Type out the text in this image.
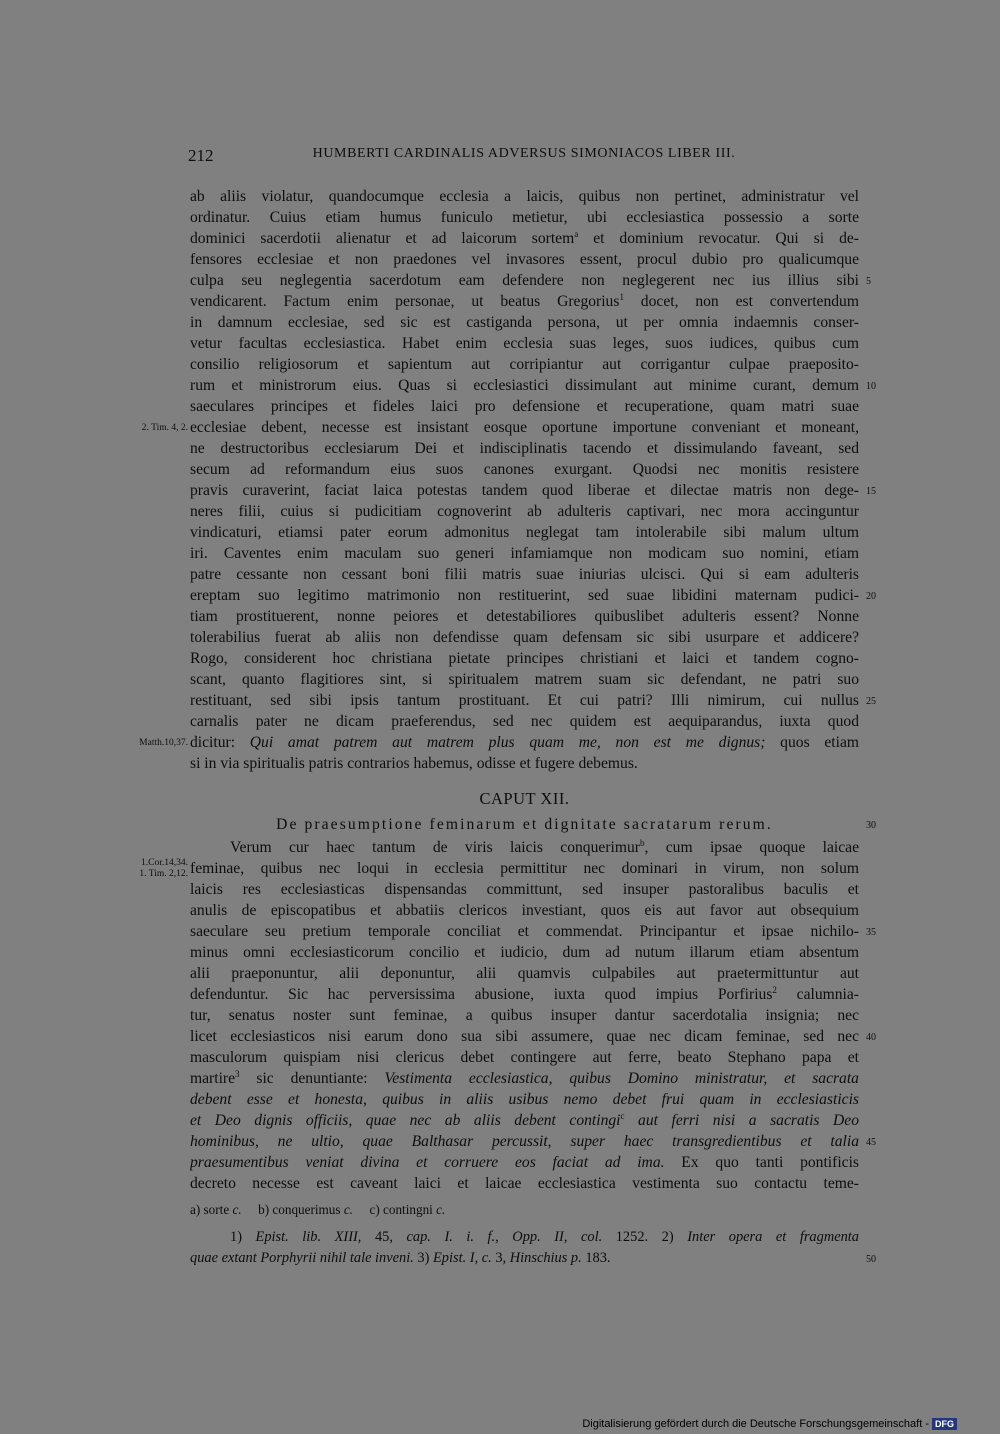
212	HUMBERTI CARDINALIS ADVERSUS SIMONIACOS LIBER III.
ab aliis violatur, quandocumque ecclesia a laicis, quibus non pertinet, administratur vel
ordinatur. Cuius etiam humus funiculo metietur, ubi ecclesiastica possessio a sorte
dominici sacerdotii alienatur et ad laicorum sortem$^a$ et dominium revocatur. Qui si de-
fensores ecclesiae et non praedones vel invasores essent, procul dubio pro qualicumque
culpa seu neglegentia sacerdotum eam defendere non neglegerent nec ius illius sibi
vendicarent. Factum enim personae, ut beatus Gregorius$^1$ docet, non est convertendum
in damnum ecclesiae, sed sic est castiganda persona, ut per omnia indaemnis conser-
vetur facultas ecclesiastica. Habet enim ecclesia suas leges, suos iudices, quibus cum
consilio religiosorum et sapientum aut corripiantur aut corrigantur culpae praeposito-
rum et ministrorum eius. Quas si ecclesiastici dissimulant aut minime curant, demum
saeculares principes et fideles laici pro defensione et recuperatione, quam matri suae
ecclesiae debent, necesse est insistant eosque oportune importune conveniant et moneant,
ne destructoribus ecclesiarum Dei et indisciplinatis tacendo et dissimulando faveant, sed
secum ad reformandum eius suos canones exurgant. Quodsi nec monitis resistere
pravis curaverint, faciat laica potestas tandem quod liberae et dilectae matris non dege-
neres filii, cuius si pudicitiam cognoverint ab adulteris captivari, nec mora accinguntur
vindicaturi, etiamsi pater eorum admonitus neglegat tam intolerabile sibi malum ultum
iri. Caventes enim maculam suo generi infamiamque non modicam suo nomini, etiam
patre cessante non cessant boni filii matris suae iniurias ulcisci. Qui si eam adulteris
ereptam suo legitimo matrimonio non restituerint, sed suae libidini maternam pudici-
tiam prostituerent, nonne peiores et detestabiliores quibuslibet adulteris essent? Nonne
tolerabilius fuerat ab aliis non defendisse quam defensam sic sibi usurpare et addicere?
Rogo, considerent hoc christiana pietate principes christiani et laici et tandem cogno-
scant, quanto flagitiores sint, si spiritualem matrem suam sic defendant, ne patri suo
restituant, sed sibi ipsis tantum prostituant. Et cui patri? Illi nimirum, cui nullus
carnalis pater ne dicam praeferendus, sed nec quidem est aequiparandus, iuxta quod
dicitur: Qui amat patrem aut matrem plus quam me, non est me dignus; quos etiam
si in via spiritualis patris contrarios habemus, odisse et fugere debemus.
CAPUT XII.
De praesumptione feminarum et dignitate sacratarum rerum.
Verum cur haec tantum de viris laicis conquerimur$^b$, cum ipsae quoque laicae
feminae, quibus nec loqui in ecclesia permittitur nec dominari in virum, non solum
laicis res ecclesiasticas dispensandas committunt, sed insuper pastoralibus baculis et
anulis de episcopatibus et abbatiis clericos investiant, quos eis aut favor aut obsequium
saeculare seu pretium temporale conciliat et commendat. Principantur et ipsae nichilo-
minus omni ecclesiasticorum concilio et iudicio, dum ad nutum illarum etiam absentum
alii praeponuntur, alii deponuntur, alii quamvis culpabiles aut praetermittuntur aut
defenduntur. Sic hac perversissima abusione, iuxta quod impius Porfirius$^2$ calumnia-
tur, senatus noster sunt feminae, a quibus insuper dantur sacerdotalia insignia; nec
licet ecclesiasticos nisi earum dono sua sibi assumere, quae nec dicam feminae, sed nec
masculorum quispiam nisi clericus debet contingere aut ferre, beato Stephano papa et
martire$^3$ sic denuntiante: Vestimenta ecclesiastica, quibus Domino ministratur, et sacrata
debent esse et honesta, quibus in aliis usibus nemo debet frui quam in ecclesiasticis
et Deo dignis officiis, quae nec ab aliis debent contingi$^c$ aut ferri nisi a sacratis Deo
hominibus, ne ultio, quae Balthasar percussit, super haec transgredientibus et talia
praesumentibus veniat divina et corruere eos faciat ad ima. Ex quo tanti pontificis
decreto necesse est caveant laici et laicae ecclesiastica vestimenta suo contactu teme-
a) sorte c. b) conquerimus c. c) contingni c.
1) Epist. lib. XIII, 45, cap. I. i. f., Opp. II, col. 1252. 2) Inter opera et fragmenta
quae extant Porphyrii nihil tale inveni. 3) Epist. I, c. 3, Hinschius p. 183.
5
10
15
20
25
30
35
40
45
50
2. Tim. 4, 2.
Matth.10,37.
1.Cor.14,34.
1. Tim. 2,12.
Digitalisierung gefördert durch die Deutsche Forschungsgemeinschaft - DFG
